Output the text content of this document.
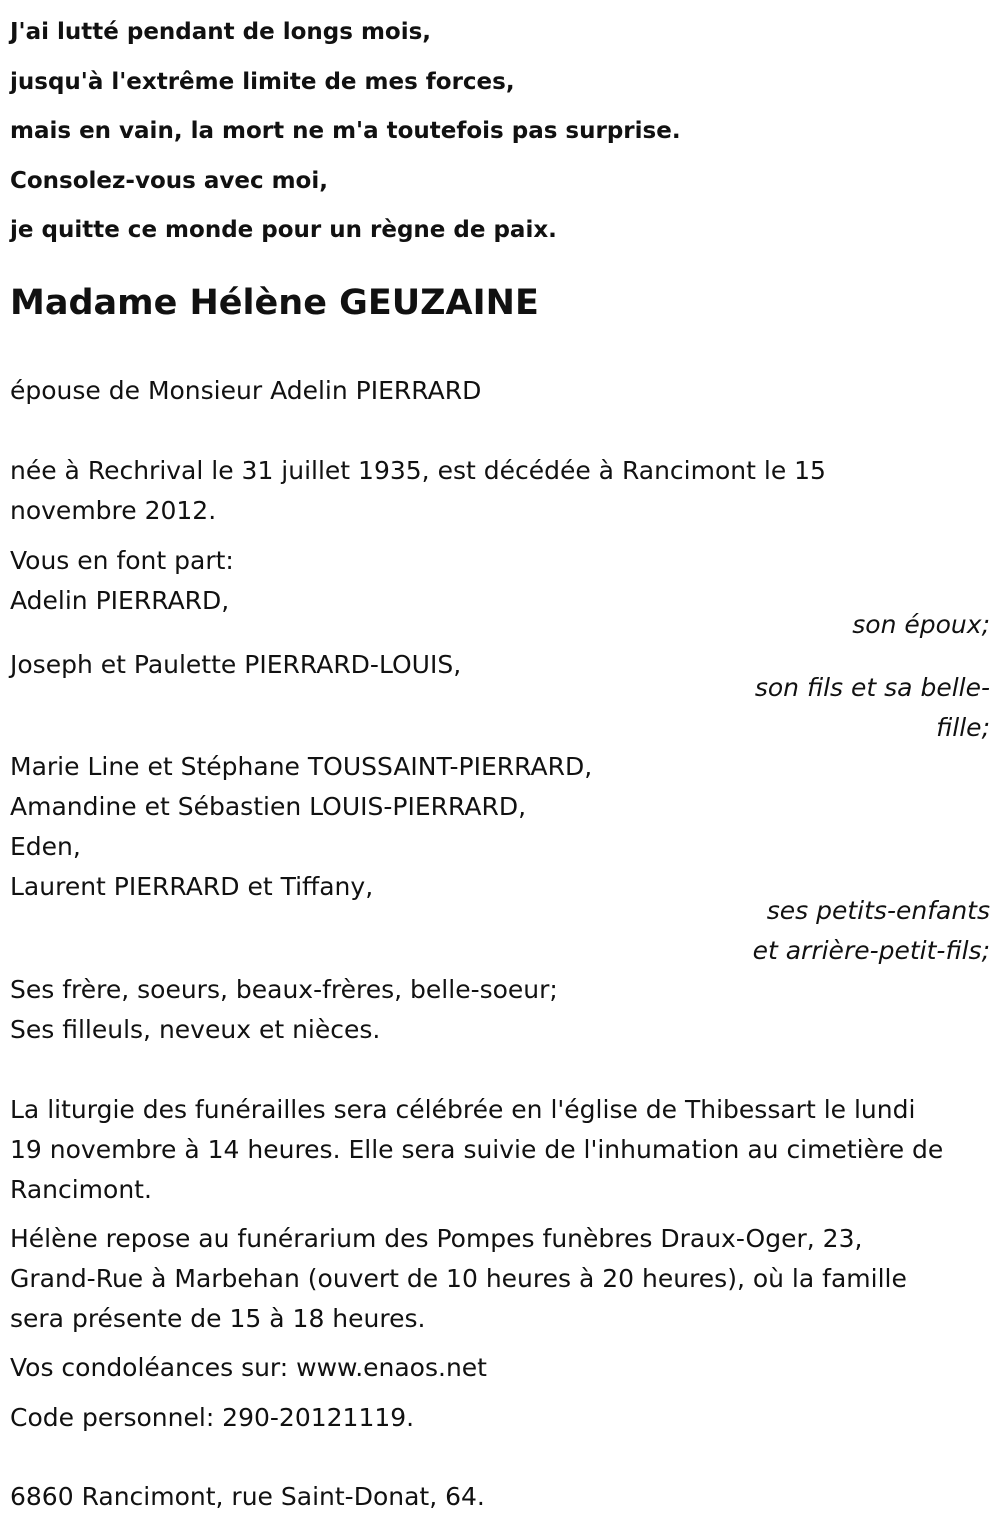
J'ai lutté pendant de longs mois,
jusqu'à l'extrême limite de mes forces,
mais en vain, la mort ne m'a toutefois pas surprise.
Consolez-vous avec moi,
je quitte ce monde pour un règne de paix.
Madame Hélène GEUZAINE
épouse de Monsieur Adelin PIERRARD
née à Rechrival le 31 juillet 1935, est décédée à Rancimont le 15
novembre 2012.
Vous en font part:
Adelin PIERRARD,
son époux;
Joseph et Paulette PIERRARD-LOUIS,
son fils et sa belle-
fille;
Marie Line et Stéphane TOUSSAINT-PIERRARD,
Amandine et Sébastien LOUIS-PIERRARD,
Eden,
Laurent PIERRARD et Tiffany,
ses petits-enfants
et arrière-petit-fils;
Ses frère, soeurs, beaux-frères, belle-soeur;
Ses filleuls, neveux et nièces.
La liturgie des funérailles sera célébrée en l'église de Thibessart le lundi
19 novembre à 14 heures. Elle sera suivie de l'inhumation au cimetière de
Rancimont.
Hélène repose au funérarium des Pompes funèbres Draux-Oger, 23,
Grand-Rue à Marbehan (ouvert de 10 heures à 20 heures), où la famille
sera présente de 15 à 18 heures.
Vos condoléances sur: www.enaos.net
Code personnel: 290-20121119.
6860 Rancimont, rue Saint-Donat, 64.
